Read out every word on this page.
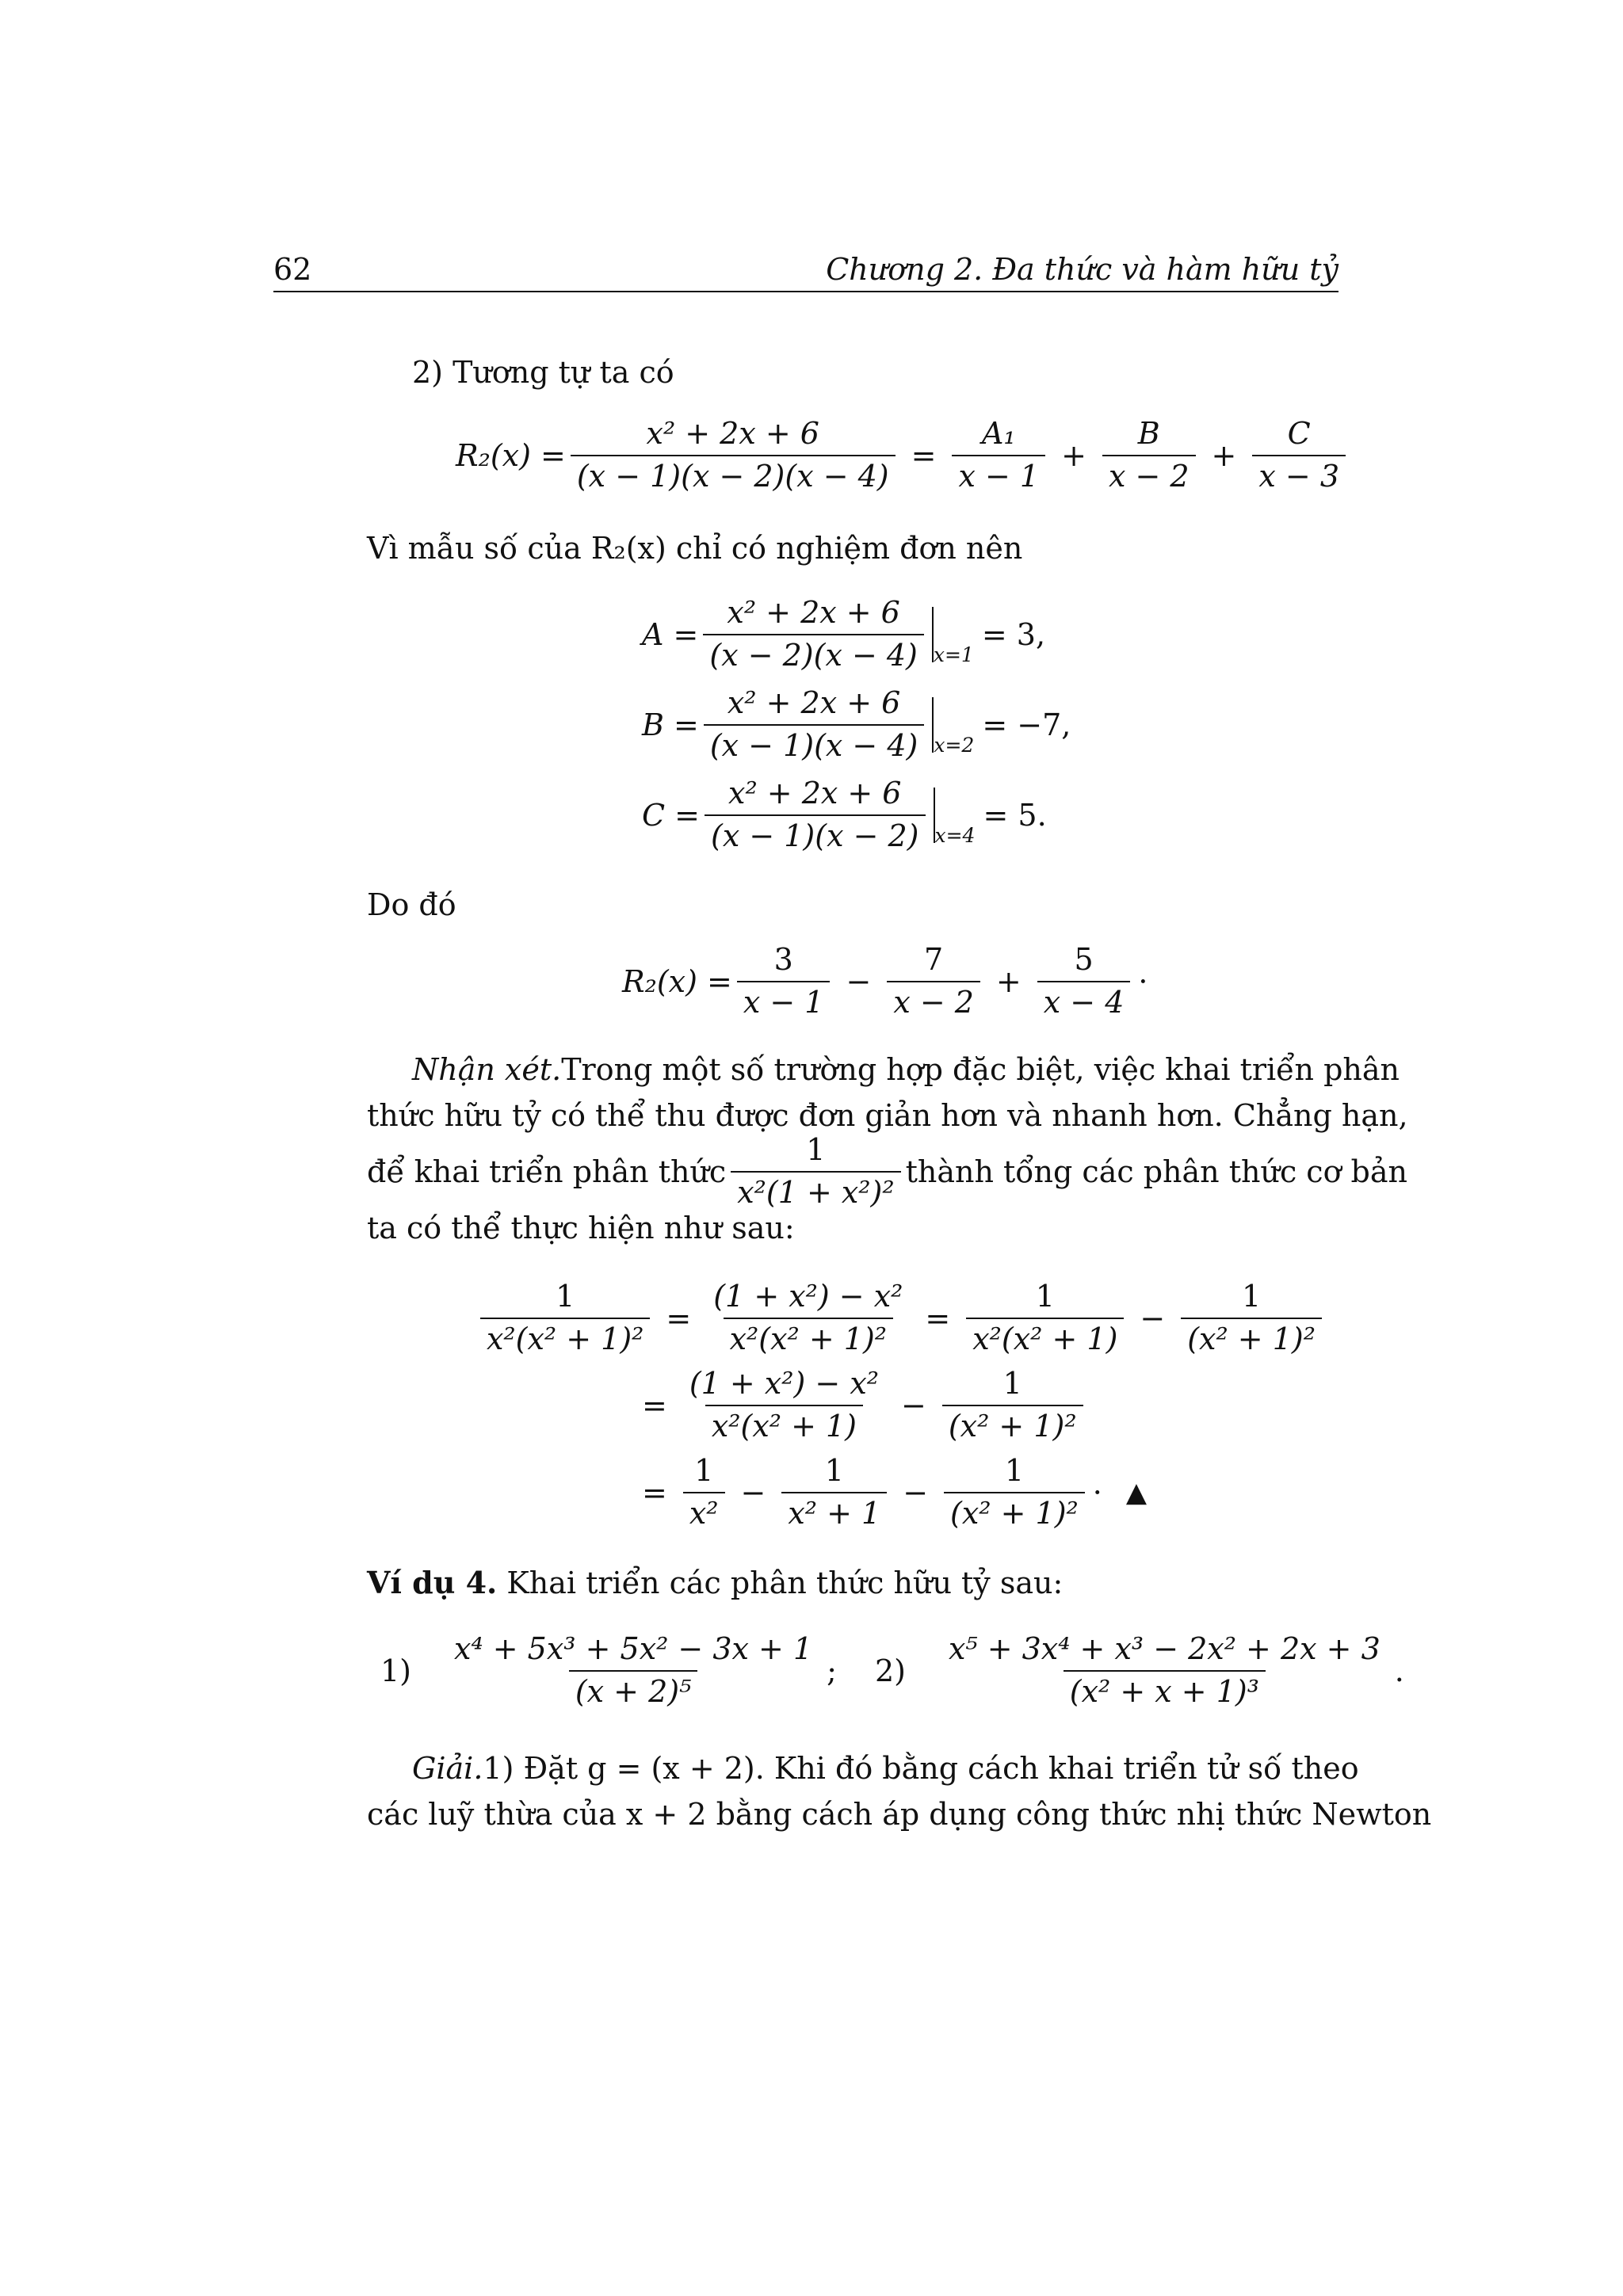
62	Chương 2. Đa thức và hàm hữu tỷ
2) Tương tự ta có
$R_2(x) = \frac{\text{x² + 2x + 6}}{(x - 1)(x - 2)(x - 4)} = \frac{\text{A₁}}{x - 1} + \frac{B}{x - 2} + \frac{C}{x - 3}$
Vì mẫu số của R₂(x) chỉ có nghiệm đơn nên
$A = \frac{\text{x² + 2x + 6}}{(x - 2)(x - 4)} x=1$
= 3,
$B = \frac{\text{x² + 2x + 6}}{(x - 1)(x - 4)} x=2$
= −7,
$C = \frac{\text{x² + 2x + 6}}{(x - 1)(x - 2)} x=4$
= 5.
Do đó
$R_2(x) = \frac{3}{x - 1} - \frac{7}{x - 2} + \frac{5}{x - 4}$ ·
Nhận xét. Trong một số trường hợp đặc biệt, việc khai triển phân
thức hữu tỷ có thể thu được đơn giản hơn và nhanh hơn. Chẳng hạn,
để khai triển phân thức $\frac{1}{\text{x²(1 + x²)²}}$ thành tổng các phân thức cơ bản
ta có thể thực hiện như sau:
$\frac{1}{\text{x²(x² + 1)²}} = \frac{\text{(1 + x²) − x²}}{\text{x²(x² + 1)²}} = \frac{1}{\text{x²(x² + 1)}} - \frac{1}{\text{(x² + 1)²}}$
= $\frac{\text{(1 + x²) − x²}}{\text{x²(x² + 1)}} - \frac{1}{\text{(x² + 1)²}}$
= $\frac{1}{\text{x²}} - \frac{1}{\text{x² + 1}} - \frac{1}{\text{(x² + 1)²}}$ · ▲
Ví dụ 4. Khai triển các phân thức hữu tỷ sau:
$1) \frac{\text{x⁴ + 5x³ + 5x² − 3x + 1}}{\text{(x + 2)⁵}}$ ; $2) \frac{\text{x⁵ + 3x⁴ + x³ − 2x² + 2x + 3}}{\text{(x² + x + 1)³}}$ .
Giải. 1) Đặt g = (x + 2). Khi đó bằng cách khai triển tử số theo
các luỹ thừa của x + 2 bằng cách áp dụng công thức nhị thức Newton
